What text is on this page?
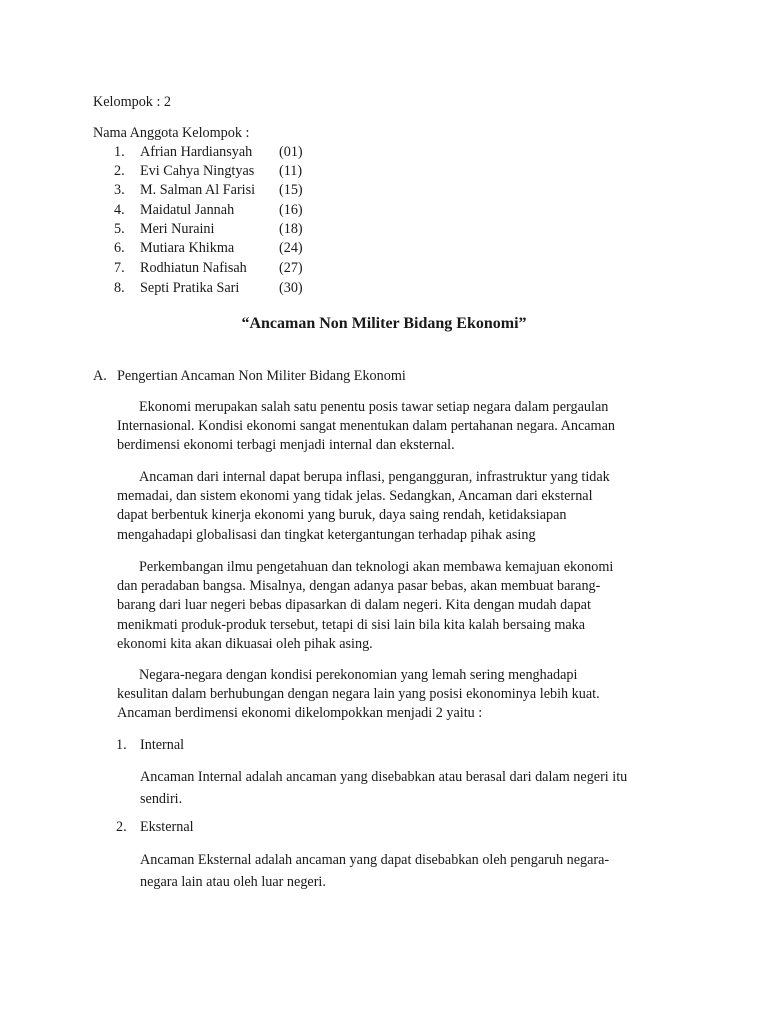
Kelompok : 2
Nama Anggota Kelompok :
1. Afrian Hardiansyah (01)
2. Evi Cahya Ningtyas (11)
3. M. Salman Al Farisi (15)
4. Maidatul Jannah	(16)
5. Meri Nuraini	(18)
6. Mutiara Khikma	(24)
7. Rodhiatun Nafisah (27)
8. Septi Pratika Sari	(30)
“Ancaman Non Militer Bidang Ekonomi”
A. Pengertian Ancaman Non Militer Bidang Ekonomi

Ekonomi merupakan salah satu penentu posis tawar setiap negara dalam pergaulan
Internasional. Kondisi ekonomi sangat menentukan dalam pertahanan negara. Ancaman
berdimensi ekonomi terbagi menjadi internal dan eksternal.

Ancaman dari internal dapat berupa inflasi, pengangguran, infrastruktur yang tidak
memadai, dan sistem ekonomi yang tidak jelas. Sedangkan, Ancaman dari eksternal
dapat berbentuk kinerja ekonomi yang buruk, daya saing rendah, ketidaksiapan
mengahadapi globalisasi dan tingkat ketergantungan terhadap pihak asing

Perkembangan ilmu pengetahuan dan teknologi akan membawa kemajuan ekonomi
dan peradaban bangsa. Misalnya, dengan adanya pasar bebas, akan membuat barang-
barang dari luar negeri bebas dipasarkan di dalam negeri. Kita dengan mudah dapat
menikmati produk-produk tersebut, tetapi di sisi lain bila kita kalah bersaing maka
ekonomi kita akan dikuasai oleh pihak asing.

Negara-negara dengan kondisi perekonomian yang lemah sering menghadapi
kesulitan dalam berhubungan dengan negara lain yang posisi ekonominya lebih kuat.
Ancaman berdimensi ekonomi dikelompokkan menjadi 2 yaitu :

1. Internal

Ancaman Internal adalah ancaman yang disebabkan atau berasal dari dalam negeri itu
sendiri.

2. Eksternal

Ancaman Eksternal adalah ancaman yang dapat disebabkan oleh pengaruh negara-
negara lain atau oleh luar negeri.
